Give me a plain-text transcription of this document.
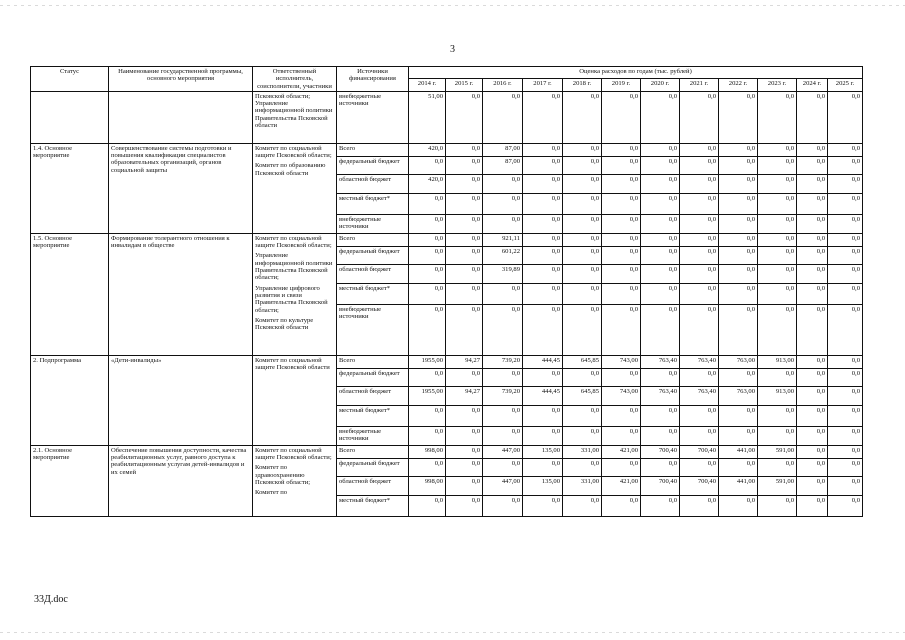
3
Статус	Наименование государственной программы, основного мероприятия	Ответственный исполнитель, соисполнители, участники	Источники финансирования	Оценка расходов по годам (тыс. рублей)											
				2014 г.	2015 г.	2016 г.	2017 г.	2018 г.	2019 г.	2020 г.	2021 г.	2022 г.	2023 г.	2024 г.	2025 г.

		Псковской области;
Управление информационной политики Правительства Псковской области	внебюджетные источники	51,00	0,0	0,0	0,0	0,0	0,0	0,0	0,0	0,0	0,0	0,0	0,0
1.4. Основное мероприятие	Совершенствование системы подготовки и повышения квалификации специалистов образовательных организаций, органов социальной защиты	Комитет по социальной защите Псковской области;
Комитет по образованию Псковской области	Всего	420,0	0,0	87,00	0,0	0,0	0,0	0,0	0,0	0,0	0,0	0,0	0,0
			федеральный бюджет	0,0	0,0	87,00	0,0	0,0	0,0	0,0	0,0	0,0	0,0	0,0	0,0
			областной бюджет	420,0	0,0	0,0	0,0	0,0	0,0	0,0	0,0	0,0	0,0	0,0	0,0
			местный бюджет*	0,0	0,0	0,0	0,0	0,0	0,0	0,0	0,0	0,0	0,0	0,0	0,0
			внебюджетные источники	0,0	0,0	0,0	0,0	0,0	0,0	0,0	0,0	0,0	0,0	0,0	0,0
1.5. Основное мероприятие	Формирование толерантного отношения к инвалидам в обществе	Комитет по социальной защите Псковской области;
Управление информационной политики Правительства Псковской области;
Управление цифрового развития и связи Правительства Псковской области;
Комитет по культуре Псковской области	Всего	0,0	0,0	921,11	0,0	0,0	0,0	0,0	0,0	0,0	0,0	0,0	0,0
			федеральный бюджет	0,0	0,0	601,22	0,0	0,0	0,0	0,0	0,0	0,0	0,0	0,0	0,0
			областной бюджет	0,0	0,0	319,89	0,0	0,0	0,0	0,0	0,0	0,0	0,0	0,0	0,0
			местный бюджет*	0,0	0,0	0,0	0,0	0,0	0,0	0,0	0,0	0,0	0,0	0,0	0,0
			внебюджетные источники	0,0	0,0	0,0	0,0	0,0	0,0	0,0	0,0	0,0	0,0	0,0	0,0
2. Подпрограмма	«Дети-инвалиды»	Комитет по социальной защите Псковской области	Всего	1955,00	94,27	739,20	444,45	645,85	743,00	763,40	763,40	763,00	913,00	0,0	0,0
			федеральный бюджет	0,0	0,0	0,0	0,0	0,0	0,0	0,0	0,0	0,0	0,0	0,0	0,0
			областной бюджет	1955,00	94,27	739,20	444,45	645,85	743,00	763,40	763,40	763,00	913,00	0,0	0,0
			местный бюджет*	0,0	0,0	0,0	0,0	0,0	0,0	0,0	0,0	0,0	0,0	0,0	0,0
			внебюджетные источники	0,0	0,0	0,0	0,0	0,0	0,0	0,0	0,0	0,0	0,0	0,0	0,0
2.1. Основное мероприятие	Обеспечение повышения доступности, качества реабилитационных услуг, равного доступа к реабилитационным услугам детей-инвалидов и их семей	Комитет по социальной защите Псковской области;
Комитет по здравоохранению Псковской области;
Комитет по	Всего	998,00	0,0	447,00	135,00	331,00	421,00	700,40	700,40	441,00	591,00	0,0	0,0
			федеральный бюджет	0,0	0,0	0,0	0,0	0,0	0,0	0,0	0,0	0,0	0,0	0,0	0,0
			областной бюджет	998,00	0,0	447,00	135,00	331,00	421,00	700,40	700,40	441,00	591,00	0,0	0,0
			местный бюджет*	0,0	0,0	0,0	0,0	0,0	0,0	0,0	0,0	0,0	0,0	0,0	0,0
33Д.doc
